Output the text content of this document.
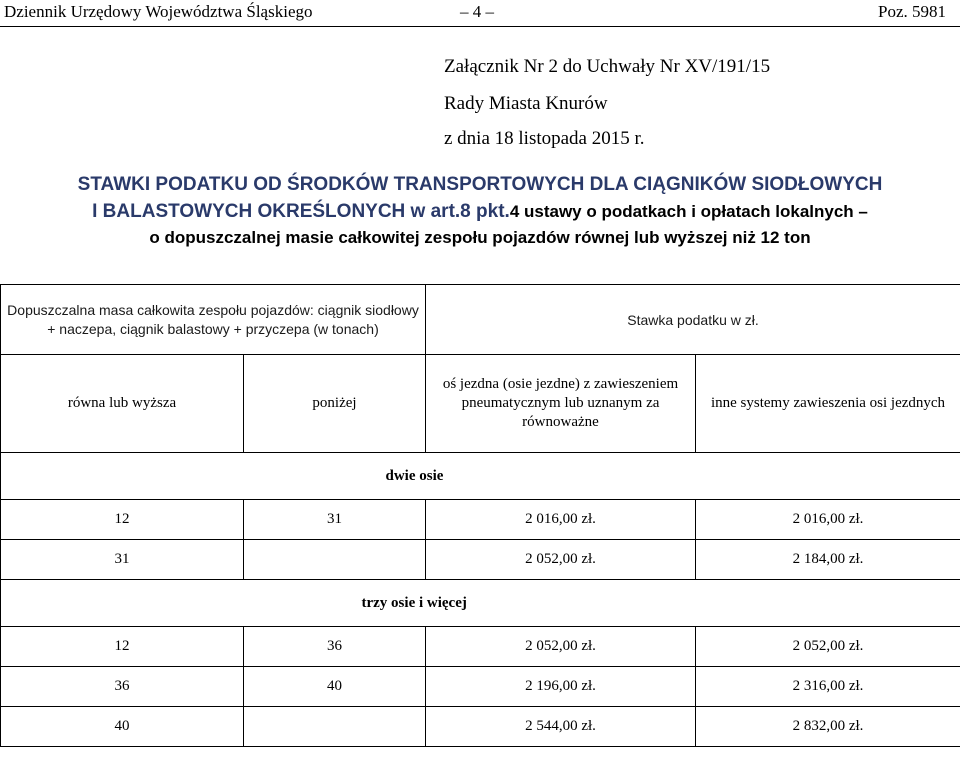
Dziennik Urzędowy Województwa Śląskiego	– 4 –	Poz. 5981
Załącznik Nr 2 do Uchwały Nr XV/191/15
Rady Miasta Knurów
z dnia 18 listopada 2015 r.
STAWKI PODATKU OD ŚRODKÓW TRANSPORTOWYCH DLA CIĄGNIKÓW SIODŁOWYCH
I BALASTOWYCH OKREŚLONYCH w art.8 pkt.4 ustawy o podatkach i opłatach lokalnych –
o dopuszczalnej masie całkowitej zespołu pojazdów równej lub wyższej niż 12 ton
Dopuszczalna masa całkowita zespołu pojazdów: ciągnik siodłowy + naczepa, ciągnik balastowy + przyczepa (w tonach)		Stawka podatku w zł.	
równa lub wyższa	poniżej	oś jezdna (osie jezdne) z zawieszeniem pneumatycznym lub uznanym za równoważne	inne systemy zawieszenia osi jezdnych
		dwie osie	
12	31	2 016,00 zł.	2 016,00 zł.
31		2 052,00 zł.	2 184,00 zł.
		trzy osie i więcej	
12	36	2 052,00 zł.	2 052,00 zł.
36	40	2 196,00 zł.	2 316,00 zł.
40		2 544,00 zł.	2 832,00 zł.
